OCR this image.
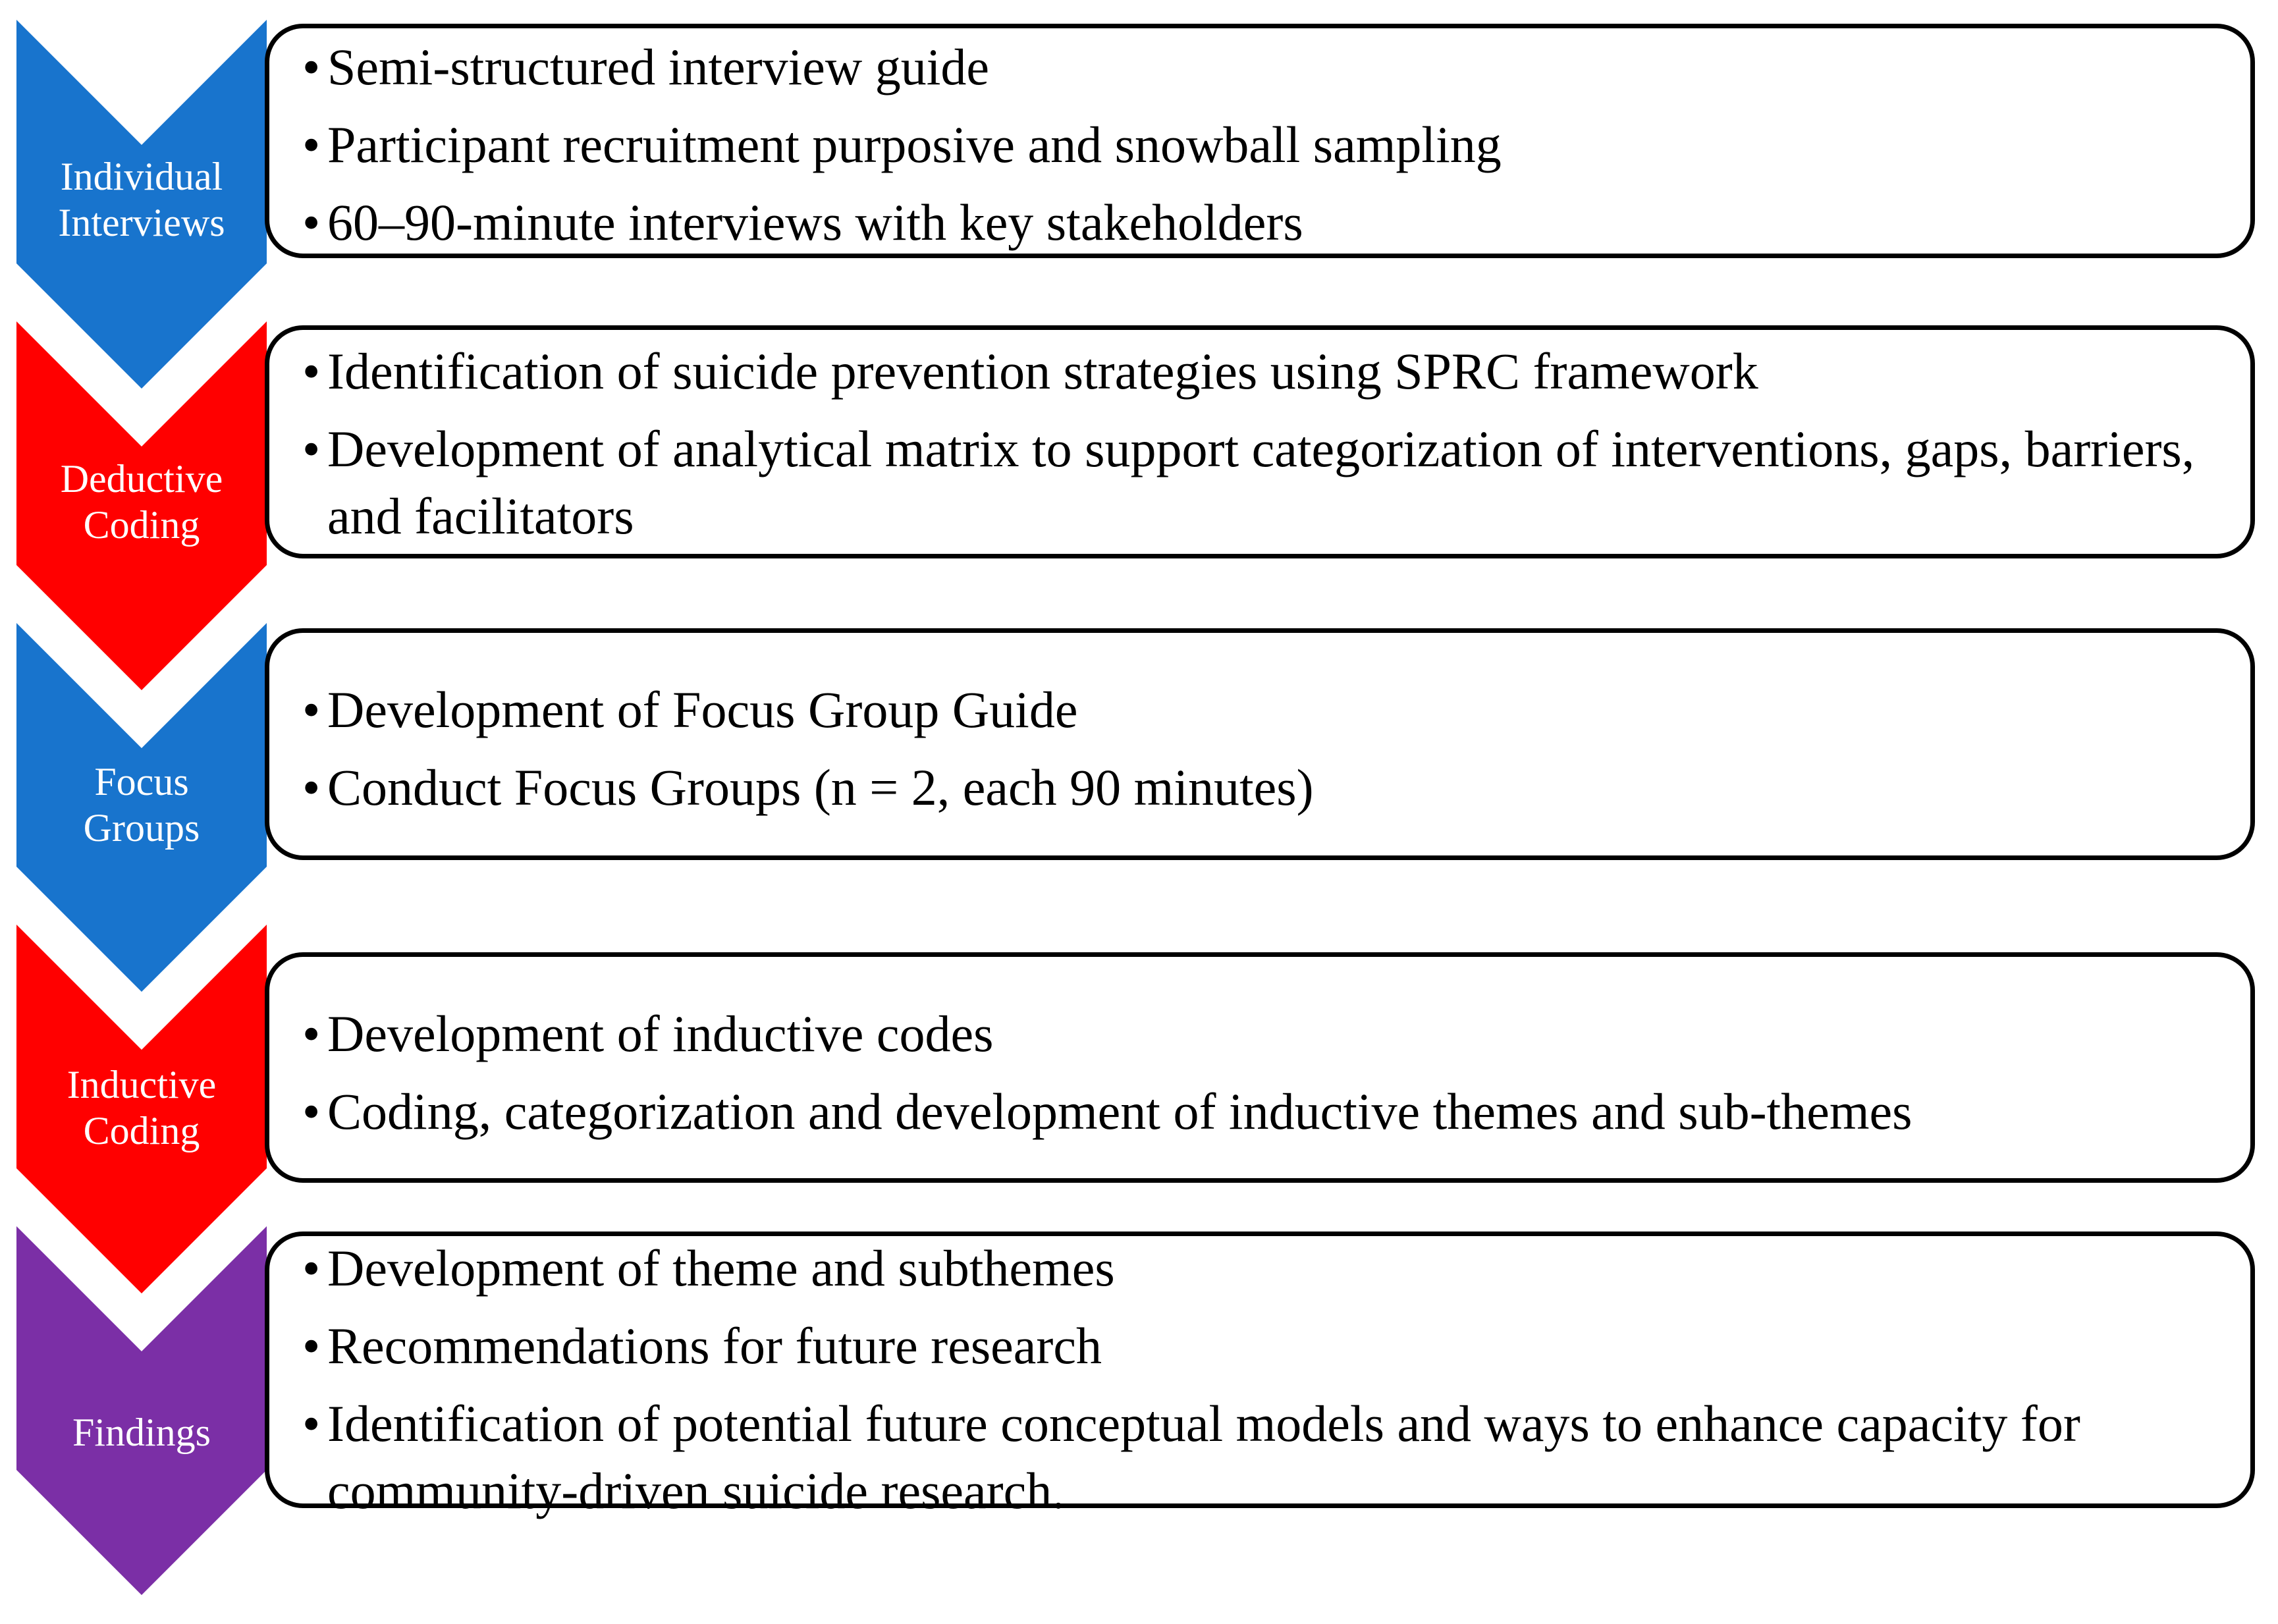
Individual
Interviews
• Semi-structured interview guide
• Participant recruitment purposive and snowball sampling
• 60–90-minute interviews with key stakeholders
Deductive
Coding
• Identification of suicide prevention strategies using SPRC framework
• Development of analytical matrix to support categorization of interventions, gaps, barriers, and facilitators
Focus
Groups
• Development of Focus Group Guide
• Conduct Focus Groups (n = 2, each 90 minutes)
Inductive
Coding
• Development of inductive codes
• Coding, categorization and development of inductive themes and sub-themes
Findings
• Development of theme and subthemes
• Recommendations for future research
• Identification of potential future conceptual models and ways to enhance capacity for community-driven suicide research.
